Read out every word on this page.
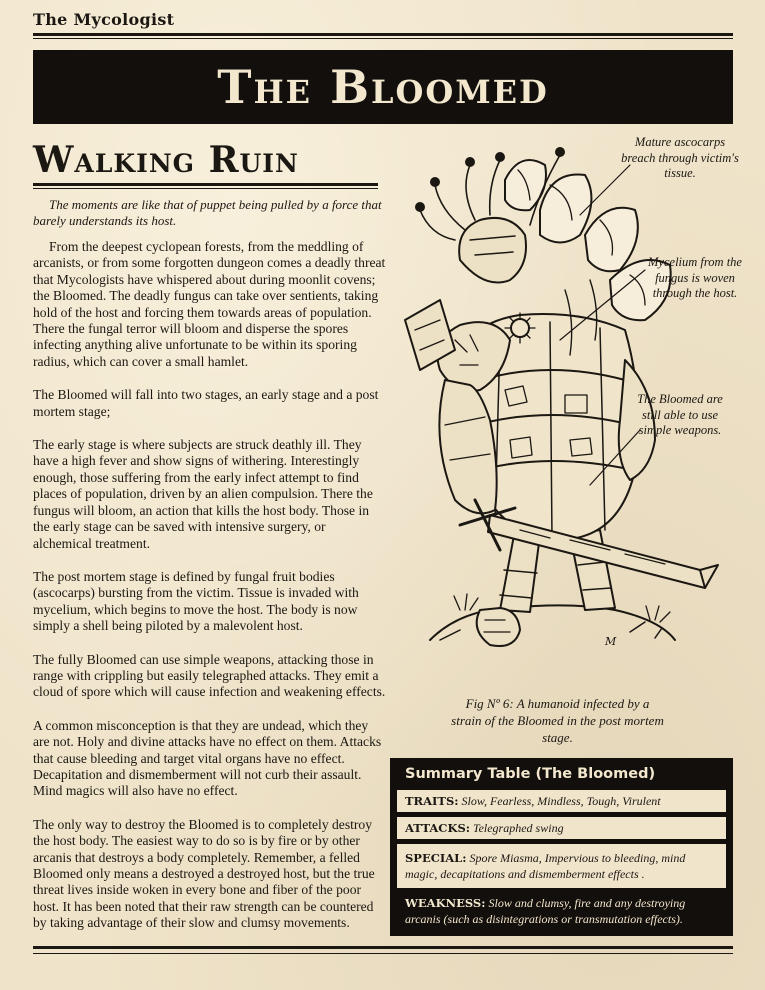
The Mycologist
The Bloomed
Walking Ruin

The moments are like that of puppet being pulled by a force that barely understands its host.

From the deepest cyclopean forests, from the meddling of arcanists, or from some forgotten dungeon comes a deadly threat that Mycologists have whispered about during moonlit covens; the Bloomed. The deadly fungus can take over sentients, taking hold of the host and forcing them towards areas of population. There the fungal terror will bloom and disperse the spores infecting anything alive unfortunate to be within its sporing radius, which can cover a small hamlet.

The Bloomed will fall into two stages, an early stage and a post mortem stage;

The early stage is where subjects are struck deathly ill. They have a high fever and show signs of withering. Interestingly enough, those suffering from the early infect attempt to find places of population, driven by an alien compulsion. There the fungus will bloom, an action that kills the host body. Those in the early stage can be saved with intensive surgery, or alchemical treatment.

The post mortem stage is defined by fungal fruit bodies (ascocarps) bursting from the victim. Tissue is invaded with mycelium, which begins to move the host. The body is now simply a shell being piloted by a malevolent host.

The fully Bloomed can use simple weapons, attacking those in range with crippling but easily telegraphed attacks. They emit a cloud of spore which will cause infection and weakening effects.

A common misconception is that they are undead, which they are not. Holy and divine attacks have no effect on them. Attacks that cause bleeding and target vital organs have no effect. Decapitation and dismemberment will not curb their assault. Mind magics will also have no effect.

The only way to destroy the Bloomed is to completely destroy the host body. The easiest way to do so is by fire or by other arcanis that destroys a body completely. Remember, a felled Bloomed only means a destroyed a destroyed host, but the true threat lives inside woken in every bone and fiber of the poor host. It has been noted that their raw strength can be countered by taking advantage of their slow and clumsy movements.

M
Mature ascocarps breach through victim's tissue.
Mycelium from the fungus is woven through the host.
The Bloomed are still able to use simple weapons.
Fig Nº 6: A humanoid infected by a strain of the Bloomed in the post mortem stage.
Summary Table (The Bloomed)
TRAITS: Slow, Fearless, Mindless, Tough, Virulent
ATTACKS: Telegraphed swing
SPECIAL: Spore Miasma, Impervious to bleeding, mind magic, decapitations and dismemberment effects .
WEAKNESS: Slow and clumsy, fire and any destroying arcanis (such as disintegrations or transmutation effects).
